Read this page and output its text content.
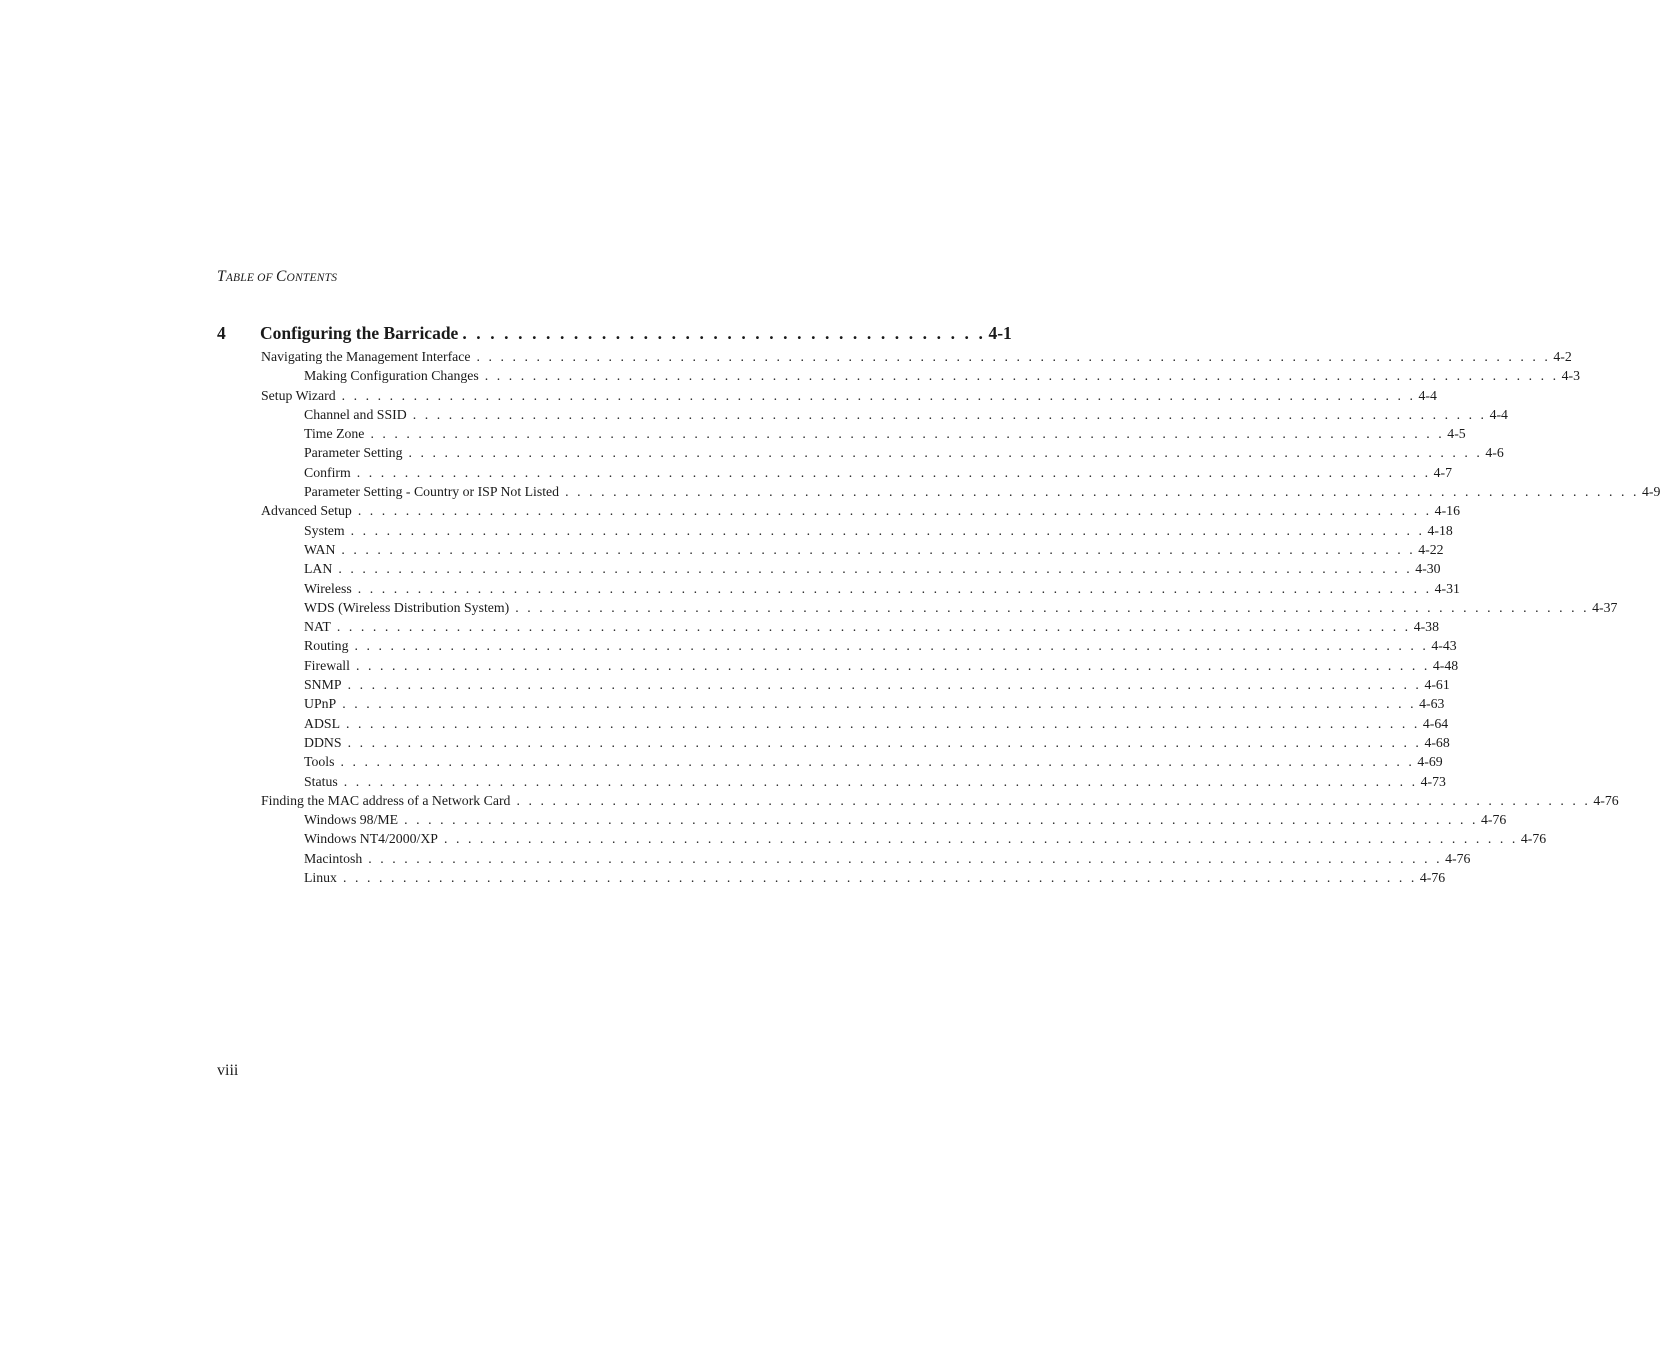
TABLE OF CONTENTS
4	Configuring the Barricade . . . . . . . . . . . . . . . . . . . . . . . . . . . . . . . . . . . . . . 4-1
Navigating the Management Interface . . . . . . . . . . . . . . . . . . . . . . . . . . . . . . . . . . . . . . . . . . . . . . . . . . . . . . . . . . . . . . . . . . . . . . . . . . . . . . . . . . . . . . . . . . 4-2
Making Configuration Changes . . . . . . . . . . . . . . . . . . . . . . . . . . . . . . . . . . . . . . . . . . . . . . . . . . . . . . . . . . . . . . . . . . . . . . . . . . . . . . . . . . . . . . . . . . 4-3
Setup Wizard . . . . . . . . . . . . . . . . . . . . . . . . . . . . . . . . . . . . . . . . . . . . . . . . . . . . . . . . . . . . . . . . . . . . . . . . . . . . . . . . . . . . . . . . . . 4-4
Channel and SSID . . . . . . . . . . . . . . . . . . . . . . . . . . . . . . . . . . . . . . . . . . . . . . . . . . . . . . . . . . . . . . . . . . . . . . . . . . . . . . . . . . . . . . . . . . 4-4
Time Zone . . . . . . . . . . . . . . . . . . . . . . . . . . . . . . . . . . . . . . . . . . . . . . . . . . . . . . . . . . . . . . . . . . . . . . . . . . . . . . . . . . . . . . . . . . 4-5
Parameter Setting . . . . . . . . . . . . . . . . . . . . . . . . . . . . . . . . . . . . . . . . . . . . . . . . . . . . . . . . . . . . . . . . . . . . . . . . . . . . . . . . . . . . . . . . . . 4-6
Confirm . . . . . . . . . . . . . . . . . . . . . . . . . . . . . . . . . . . . . . . . . . . . . . . . . . . . . . . . . . . . . . . . . . . . . . . . . . . . . . . . . . . . . . . . . . 4-7
Parameter Setting - Country or ISP Not Listed . . . . . . . . . . . . . . . . . . . . . . . . . . . . . . . . . . . . . . . . . . . . . . . . . . . . . . . . . . . . . . . . . . . . . . . . . . . . . . . . . . . . . . . . . . 4-9
Advanced Setup . . . . . . . . . . . . . . . . . . . . . . . . . . . . . . . . . . . . . . . . . . . . . . . . . . . . . . . . . . . . . . . . . . . . . . . . . . . . . . . . . . . . . . . . . . 4-16
System . . . . . . . . . . . . . . . . . . . . . . . . . . . . . . . . . . . . . . . . . . . . . . . . . . . . . . . . . . . . . . . . . . . . . . . . . . . . . . . . . . . . . . . . . . 4-18
WAN . . . . . . . . . . . . . . . . . . . . . . . . . . . . . . . . . . . . . . . . . . . . . . . . . . . . . . . . . . . . . . . . . . . . . . . . . . . . . . . . . . . . . . . . . . 4-22
LAN . . . . . . . . . . . . . . . . . . . . . . . . . . . . . . . . . . . . . . . . . . . . . . . . . . . . . . . . . . . . . . . . . . . . . . . . . . . . . . . . . . . . . . . . . . 4-30
Wireless . . . . . . . . . . . . . . . . . . . . . . . . . . . . . . . . . . . . . . . . . . . . . . . . . . . . . . . . . . . . . . . . . . . . . . . . . . . . . . . . . . . . . . . . . . 4-31
WDS (Wireless Distribution System) . . . . . . . . . . . . . . . . . . . . . . . . . . . . . . . . . . . . . . . . . . . . . . . . . . . . . . . . . . . . . . . . . . . . . . . . . . . . . . . . . . . . . . . . . . 4-37
NAT . . . . . . . . . . . . . . . . . . . . . . . . . . . . . . . . . . . . . . . . . . . . . . . . . . . . . . . . . . . . . . . . . . . . . . . . . . . . . . . . . . . . . . . . . . 4-38
Routing . . . . . . . . . . . . . . . . . . . . . . . . . . . . . . . . . . . . . . . . . . . . . . . . . . . . . . . . . . . . . . . . . . . . . . . . . . . . . . . . . . . . . . . . . . 4-43
Firewall . . . . . . . . . . . . . . . . . . . . . . . . . . . . . . . . . . . . . . . . . . . . . . . . . . . . . . . . . . . . . . . . . . . . . . . . . . . . . . . . . . . . . . . . . . 4-48
SNMP . . . . . . . . . . . . . . . . . . . . . . . . . . . . . . . . . . . . . . . . . . . . . . . . . . . . . . . . . . . . . . . . . . . . . . . . . . . . . . . . . . . . . . . . . . 4-61
UPnP . . . . . . . . . . . . . . . . . . . . . . . . . . . . . . . . . . . . . . . . . . . . . . . . . . . . . . . . . . . . . . . . . . . . . . . . . . . . . . . . . . . . . . . . . . 4-63
ADSL . . . . . . . . . . . . . . . . . . . . . . . . . . . . . . . . . . . . . . . . . . . . . . . . . . . . . . . . . . . . . . . . . . . . . . . . . . . . . . . . . . . . . . . . . . 4-64
DDNS . . . . . . . . . . . . . . . . . . . . . . . . . . . . . . . . . . . . . . . . . . . . . . . . . . . . . . . . . . . . . . . . . . . . . . . . . . . . . . . . . . . . . . . . . . 4-68
Tools . . . . . . . . . . . . . . . . . . . . . . . . . . . . . . . . . . . . . . . . . . . . . . . . . . . . . . . . . . . . . . . . . . . . . . . . . . . . . . . . . . . . . . . . . . 4-69
Status . . . . . . . . . . . . . . . . . . . . . . . . . . . . . . . . . . . . . . . . . . . . . . . . . . . . . . . . . . . . . . . . . . . . . . . . . . . . . . . . . . . . . . . . . . 4-73
Finding the MAC address of a Network Card . . . . . . . . . . . . . . . . . . . . . . . . . . . . . . . . . . . . . . . . . . . . . . . . . . . . . . . . . . . . . . . . . . . . . . . . . . . . . . . . . . . . . . . . . . 4-76
Windows 98/ME . . . . . . . . . . . . . . . . . . . . . . . . . . . . . . . . . . . . . . . . . . . . . . . . . . . . . . . . . . . . . . . . . . . . . . . . . . . . . . . . . . . . . . . . . . 4-76
Windows NT4/2000/XP . . . . . . . . . . . . . . . . . . . . . . . . . . . . . . . . . . . . . . . . . . . . . . . . . . . . . . . . . . . . . . . . . . . . . . . . . . . . . . . . . . . . . . . . . . 4-76
Macintosh . . . . . . . . . . . . . . . . . . . . . . . . . . . . . . . . . . . . . . . . . . . . . . . . . . . . . . . . . . . . . . . . . . . . . . . . . . . . . . . . . . . . . . . . . . 4-76
Linux . . . . . . . . . . . . . . . . . . . . . . . . . . . . . . . . . . . . . . . . . . . . . . . . . . . . . . . . . . . . . . . . . . . . . . . . . . . . . . . . . . . . . . . . . . 4-76
viii
